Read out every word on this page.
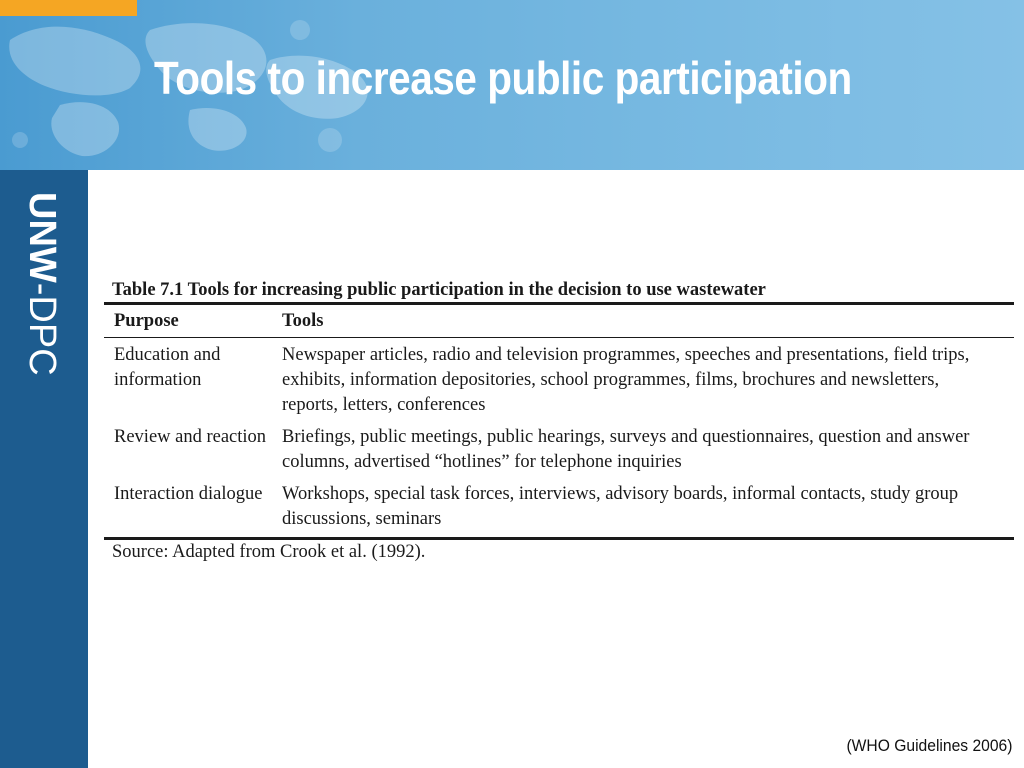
Tools to increase public participation
UNW-DPC	Table 7.1 Tools for increasing public participation in the decision to use wastewater

Purpose	Tools

Education and information	Newspaper articles, radio and television programmes, speeches and presentations, field trips, exhibits, information depositories, school programmes, films, brochures and newsletters, reports, letters, conferences
Review and reaction	Briefings, public meetings, public hearings, surveys and questionnaires, question and answer columns, advertised “hotlines” for telephone inquiries
Interaction dialogue	Workshops, special task forces, interviews, advisory boards, informal contacts, study group discussions, seminars

Source: Adapted from Crook et al. (1992).

(WHO Guidelines 2006)
